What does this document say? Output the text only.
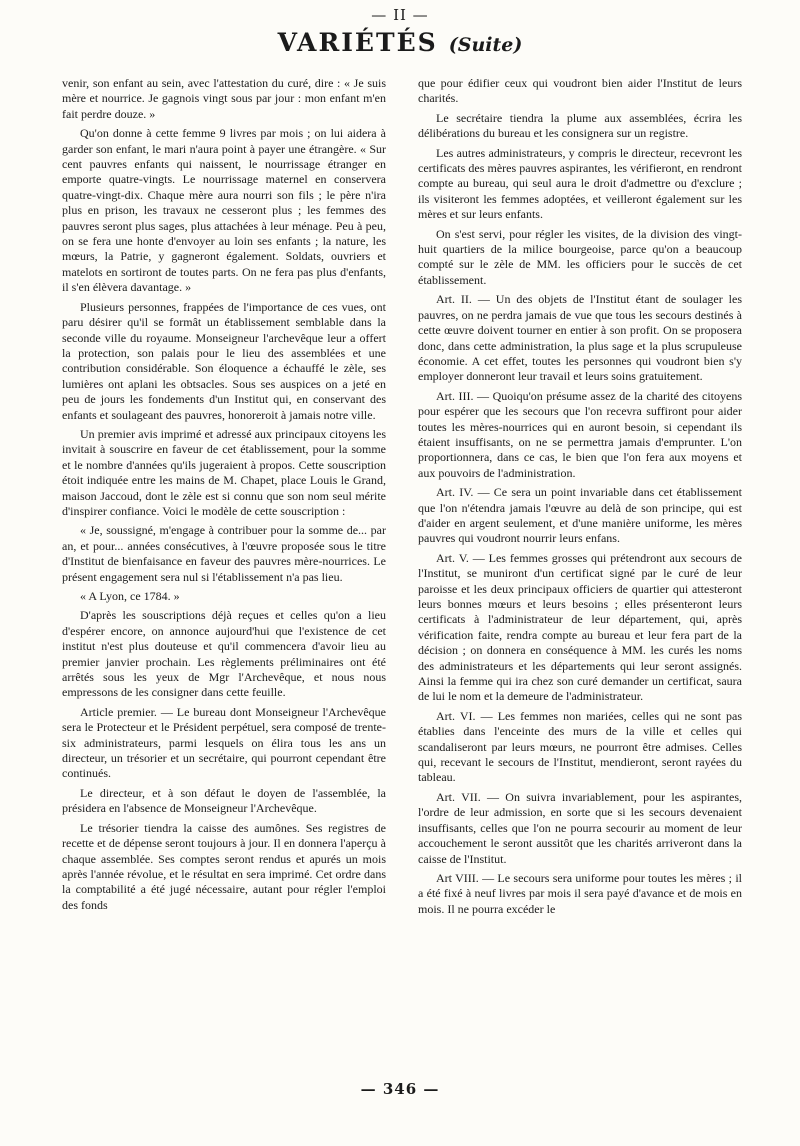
— II —
VARIÉTÉS (Suite)

venir, son enfant au sein, avec l'attestation du curé, dire : « Je suis mère et nourrice. Je gagnois vingt sous par jour : mon enfant m'en fait perdre douze. »

Qu'on donne à cette femme 9 livres par mois ; on lui aidera à garder son enfant, le mari n'aura point à payer une étrangère. « Sur cent pauvres enfants qui naissent, le nourrissage étranger en emporte quatre-vingts. Le nourrissage maternel en conservera quatre-vingt-dix. Chaque mère aura nourri son fils ; le père n'ira plus en prison, les travaux ne cesseront plus ; les femmes des pauvres seront plus sages, plus attachées à leur ménage. Peu à peu, on se fera une honte d'envoyer au loin ses enfants ; la nature, les mœurs, la Patrie, y gagneront également. Soldats, ouvriers et matelots en sortiront de toutes parts. On ne fera pas plus d'enfants, il s'en élèvera davantage. »

Plusieurs personnes, frappées de l'importance de ces vues, ont paru désirer qu'il se formât un établissement semblable dans la seconde ville du royaume. Monseigneur l'archevêque leur a offert la protection, son palais pour le lieu des assemblées et une contribution considérable. Son éloquence a échauffé le zèle, ses lumières ont aplani les obtsacles. Sous ses auspices on a jeté en peu de jours les fondements d'un Institut qui, en conservant des enfants et soulageant des pauvres, honoreroit à jamais notre ville.

Un premier avis imprimé et adressé aux principaux citoyens les invitait à souscrire en faveur de cet établissement, pour la somme et le nombre d'années qu'ils jugeraient à propos. Cette souscription étoit indiquée entre les mains de M. Chapet, place Louis le Grand, maison Jaccoud, dont le zèle est si connu que son nom seul mérite d'inspirer confiance. Voici le modèle de cette souscription :

« Je, soussigné, m'engage à contribuer pour la somme de... par an, et pour... années consécutives, à l'œuvre proposée sous le titre d'Institut de bienfaisance en faveur des pauvres mère-nourrices. Le présent engagement sera nul si l'établissement n'a pas lieu.

« A Lyon, ce 1784. »

D'après les souscriptions déjà reçues et celles qu'on a lieu d'espérer encore, on annonce aujourd'hui que l'existence de cet institut n'est plus douteuse et qu'il commencera d'avoir lieu au premier janvier prochain. Les règlements préliminaires ont été arrêtés sous les yeux de Mgr l'Archevêque, et nous nous empressons de les consigner dans cette feuille.

Article premier. — Le bureau dont Monseigneur l'Archevêque sera le Protecteur et le Président perpétuel, sera composé de trente-six administrateurs, parmi lesquels on élira tous les ans un directeur, un trésorier et un secrétaire, qui pourront cependant être continués.

Le directeur, et à son défaut le doyen de l'assemblée, la présidera en l'absence de Monseigneur l'Archevêque.

Le trésorier tiendra la caisse des aumônes. Ses registres de recette et de dépense seront toujours à jour. Il en donnera l'aperçu à chaque assemblée. Ses comptes seront rendus et apurés un mois après l'année révolue, et le résultat en sera imprimé. Cet ordre dans la comptabilité a été jugé nécessaire, autant pour régler l'emploi des fonds

que pour édifier ceux qui voudront bien aider l'Institut de leurs charités.

Le secrétaire tiendra la plume aux assemblées, écrira les délibérations du bureau et les consignera sur un registre.

Les autres administrateurs, y compris le directeur, recevront les certificats des mères pauvres aspirantes, les vérifieront, en rendront compte au bureau, qui seul aura le droit d'admettre ou d'exclure ; ils visiteront les femmes adoptées, et veilleront également sur les mères et sur leurs enfants.

On s'est servi, pour régler les visites, de la division des vingt-huit quartiers de la milice bourgeoise, parce qu'on a beaucoup compté sur le zèle de MM. les officiers pour le succès de cet établissement.

Art. II. — Un des objets de l'Institut étant de soulager les pauvres, on ne perdra jamais de vue que tous les secours destinés à cette œuvre doivent tourner en entier à son profit. On se proposera donc, dans cette administration, la plus sage et la plus scrupuleuse économie. A cet effet, toutes les personnes qui voudront bien s'y employer donneront leur travail et leurs soins gratuitement.

Art. III. — Quoiqu'on présume assez de la charité des citoyens pour espérer que les secours que l'on recevra suffiront pour aider toutes les mères-nourrices qui en auront besoin, si cependant ils étaient insuffisants, on ne se permettra jamais d'emprunter. L'on proportionnera, dans ce cas, le bien que l'on fera aux moyens et aux pouvoirs de l'administration.

Art. IV. — Ce sera un point invariable dans cet établissement que l'on n'étendra jamais l'œuvre au delà de son principe, qui est d'aider en argent seulement, et d'une manière uniforme, les mères pauvres qui voudront nourrir leurs enfans.

Art. V. — Les femmes grosses qui prétendront aux secours de l'Institut, se muniront d'un certificat signé par le curé de leur paroisse et les deux principaux officiers de quartier qui attesteront leurs bonnes mœurs et leurs besoins ; elles présenteront leurs certificats à l'administrateur de leur département, qui, après vérification faite, rendra compte au bureau et leur fera part de la décision ; on donnera en conséquence à MM. les curés les noms des administrateurs et les départements qui leur seront assignés. Ainsi la femme qui ira chez son curé demander un certificat, saura de lui le nom et la demeure de l'administrateur.

Art. VI. — Les femmes non mariées, celles qui ne sont pas établies dans l'enceinte des murs de la ville et celles qui scandaliseront par leurs mœurs, ne pourront être admises. Celles qui, recevant le secours de l'Institut, mendieront, seront rayées du tableau.

Art. VII. — On suivra invariablement, pour les aspirantes, l'ordre de leur admission, en sorte que si les secours devenaient insuffisants, celles que l'on ne pourra secourir au moment de leur accouchement le seront aussitôt que les charités arriveront dans la caisse de l'Institut.

Art VIII. — Le secours sera uniforme pour toutes les mères ; il a été fixé à neuf livres par mois il sera payé d'avance et de mois en mois. Il ne pourra excéder le

— 346 —
